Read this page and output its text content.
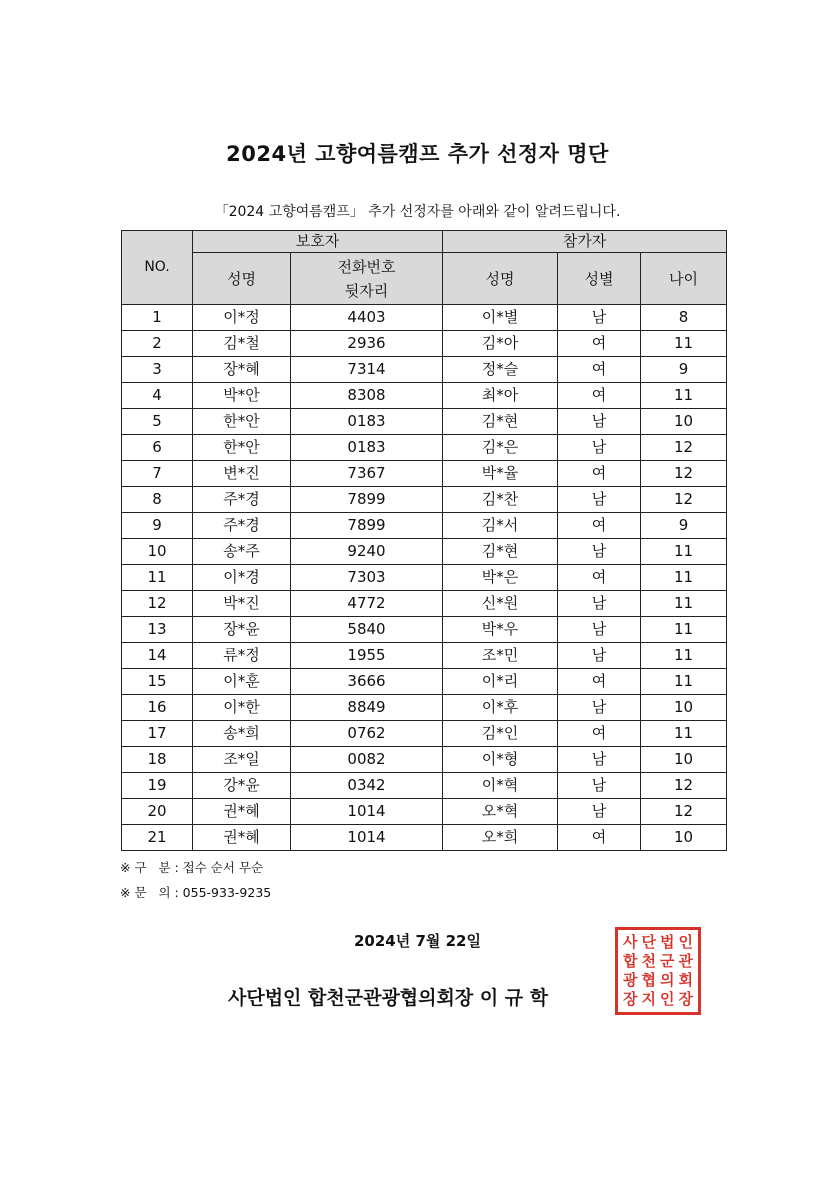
2024년 고향여름캠프 추가 선정자 명단
「2024 고향여름캠프」 추가 선정자를 아래와 같이 알려드립니다.
NO.	보호자		참가자		
	성명	전화번호
뒷자리	성명	성별	나이
1	이*정	4403	이*별	남	8
2	김*철	2936	김*아	여	11
3	장*혜	7314	정*슬	여	9
4	박*안	8308	최*아	여	11
5	한*안	0183	김*현	남	10
6	한*안	0183	김*은	남	12
7	변*진	7367	박*율	여	12
8	주*경	7899	김*찬	남	12
9	주*경	7899	김*서	여	9
10	송*주	9240	김*현	남	11
11	이*경	7303	박*은	여	11
12	박*진	4772	신*원	남	11
13	장*윤	5840	박*우	남	11
14	류*정	1955	조*민	남	11
15	이*훈	3666	이*리	여	11
16	이*한	8849	이*후	남	10
17	송*희	0762	김*인	여	11
18	조*일	0082	이*형	남	10
19	강*윤	0342	이*혁	남	12
20	권*혜	1014	오*혁	남	12
21	권*혜	1014	오*희	여	10
※ 구   분 : 접수 순서 무순
※ 문   의 : 055-933-9235
2024년 7월 22일
사단법인 합천군관광협의회장 이 규 학
사 단 법 인
합 천 군 관
광 협 의 회
장 지 인 장
